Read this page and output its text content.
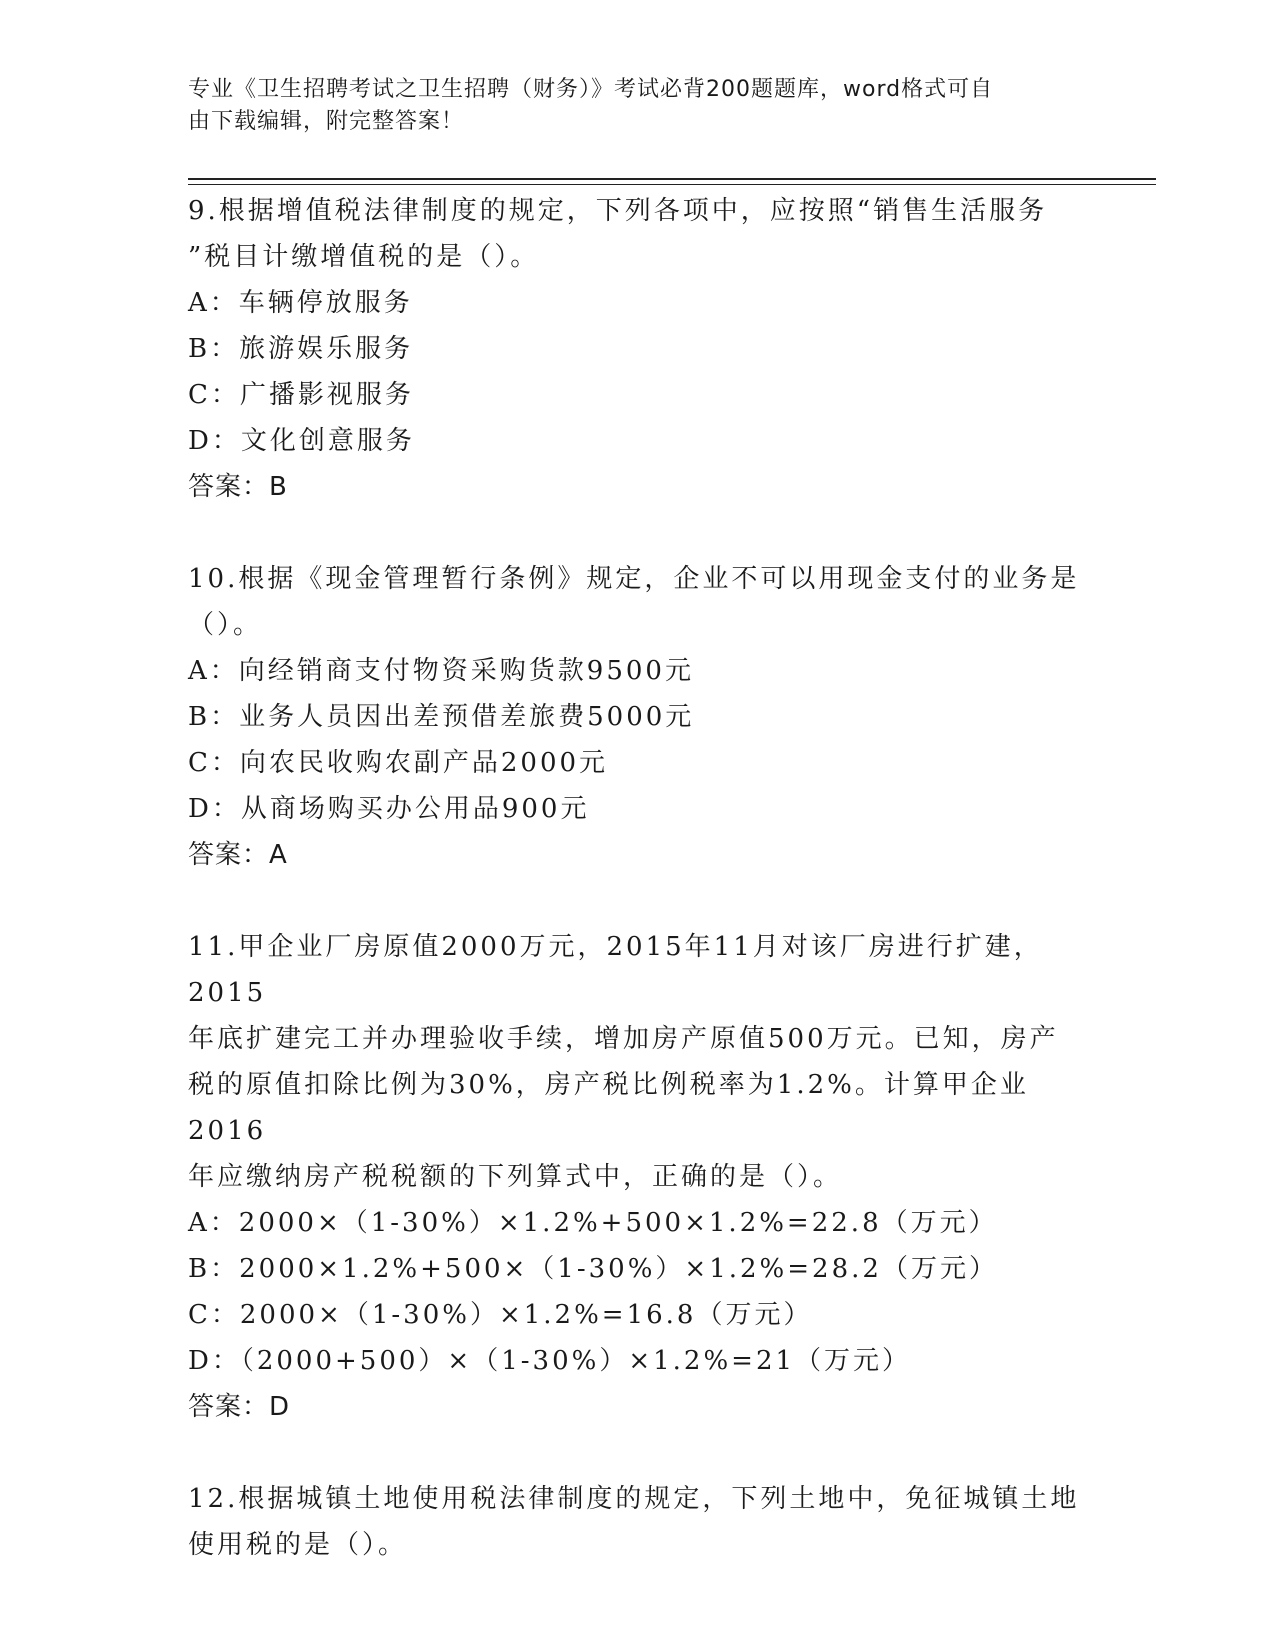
专业《卫生招聘考试之卫生招聘（财务）》考试必背200题题库，word格式可自
由下载编辑，附完整答案！
9.根据增值税法律制度的规定，下列各项中，应按照“销售生活服务
”税目计缴增值税的是（）。
A：车辆停放服务
B：旅游娱乐服务
C：广播影视服务
D：文化创意服务
答案：B
10.根据《现金管理暂行条例》规定，企业不可以用现金支付的业务是
（）。
A：向经销商支付物资采购货款9500元
B：业务人员因出差预借差旅费5000元
C：向农民收购农副产品2000元
D：从商场购买办公用品900元
答案：A
11.甲企业厂房原值2000万元，2015年11月对该厂房进行扩建，2015
年底扩建完工并办理验收手续，增加房产原值500万元。已知，房产
税的原值扣除比例为30%，房产税比例税率为1.2%。计算甲企业2016
年应缴纳房产税税额的下列算式中，正确的是（）。
A：2000×（1-30%）×1.2%+500×1.2%=22.8（万元）
B：2000×1.2%+500×（1-30%）×1.2%=28.2（万元）
C：2000×（1-30%）×1.2%=16.8（万元）
D：（2000+500）×（1-30%）×1.2%=21（万元）
答案：D
12.根据城镇土地使用税法律制度的规定，下列土地中，免征城镇土地
使用税的是（）。
